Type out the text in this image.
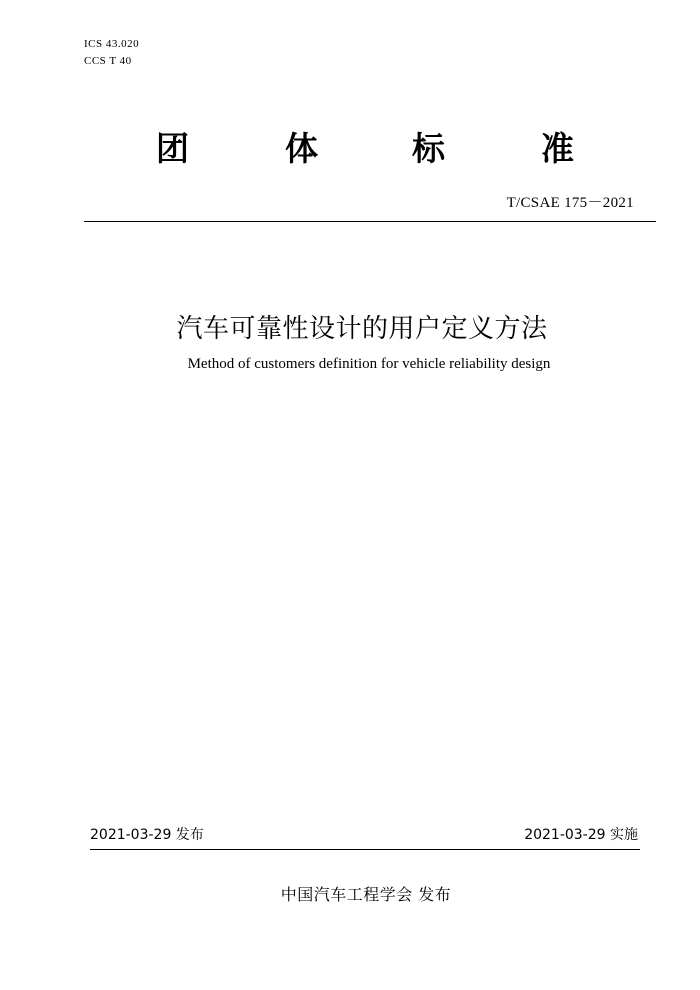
ICS 43.020
CCS T 40
团	体	标	准
T/CSAE 175－2021
汽车可靠性设计的用户定义方法
Method of customers definition for vehicle reliability design
2021-03-29 发布	2021-03-29 实施
中国汽车工程学会 发布
